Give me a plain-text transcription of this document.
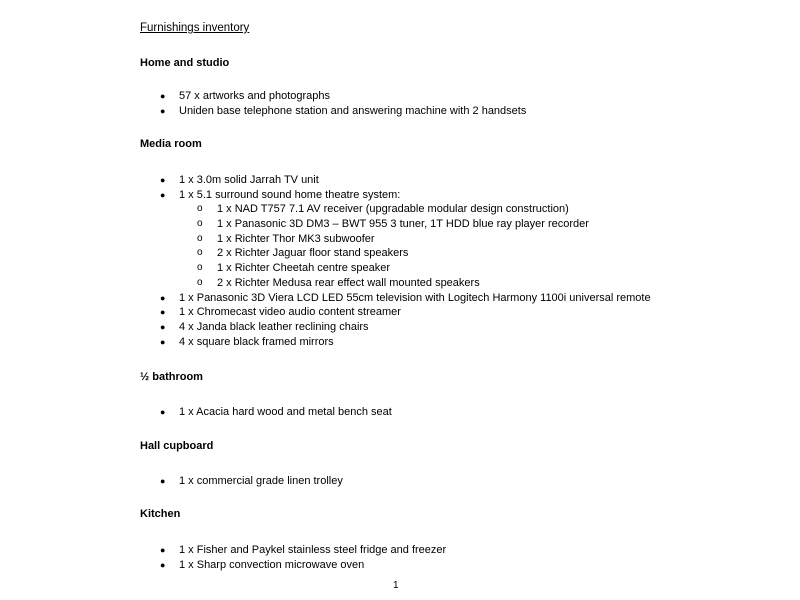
Furnishings inventory
Home and studio
● 57 x artworks and photographs
● Uniden base telephone station and answering machine with 2 handsets
Media room
● 1 x 3.0m solid Jarrah TV unit
● 1 x 5.1 surround sound home theatre system:
o 1 x NAD T757 7.1 AV receiver (upgradable modular design construction)
o 1 x Panasonic 3D DM3 – BWT 955 3 tuner, 1T HDD blue ray player recorder
o 1 x Richter Thor MK3 subwoofer
o 2 x Richter Jaguar floor stand speakers
o 1 x Richter Cheetah centre speaker
o 2 x Richter Medusa rear effect wall mounted speakers
● 1 x Panasonic 3D Viera LCD LED 55cm television with Logitech Harmony 1100i universal remote
● 1 x Chromecast video audio content streamer
● 4 x Janda black leather reclining chairs
● 4 x square black framed mirrors
½ bathroom
● 1 x Acacia hard wood and metal bench seat
Hall cupboard
● 1 x commercial grade linen trolley
Kitchen
● 1 x Fisher and Paykel stainless steel fridge and freezer
● 1 x Sharp convection microwave oven
1
